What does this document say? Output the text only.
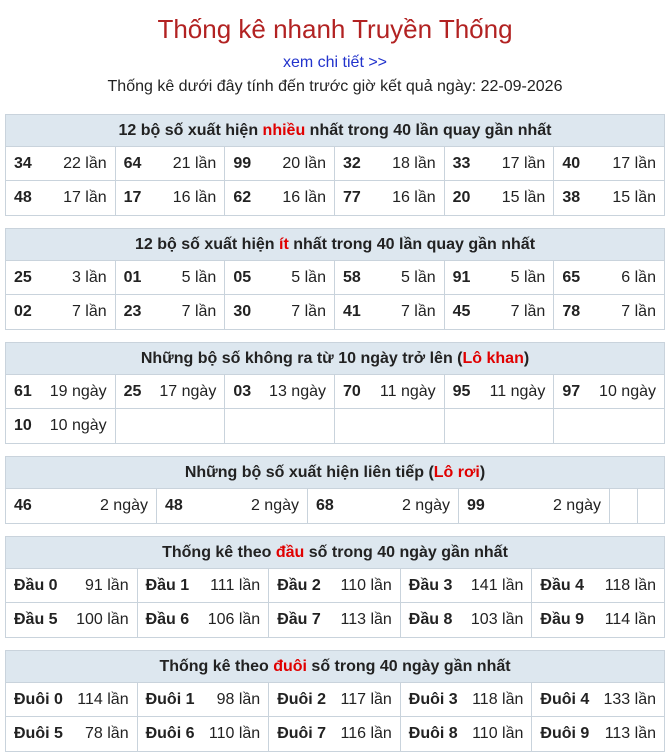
Thống kê nhanh Truyền Thống
xem chi tiết >>
Thống kê dưới đây tính đến trước giờ kết quả ngày: 22-09-2026
12 bộ số xuất hiện nhiều nhất trong 40 lần quay gần nhất
34 22 lần 64 21 lần 99 20 lần 32 18 lần 33 17 lần 40 17 lần
48 17 lần 17 16 lần 62 16 lần 77 16 lần 20 15 lần 38 15 lần
12 bộ số xuất hiện ít nhất trong 40 lần quay gần nhất
25	3 lần 01	5 lần 05	5 lần 58	5 lần 91	5 lần 65	6 lần
02	7 lần 23	7 lần 30	7 lần 41	7 lần 45	7 lần 78	7 lần
Những bộ số không ra từ 10 ngày trở lên (Lô khan)
61 19 ngày 25 17 ngày 03 13 ngày 70 11 ngày 95 11 ngày 97 10 ngày
10 10 ngày
Những bộ số xuất hiện liên tiếp (Lô rơi)
46	2 ngày 48	2 ngày 68	2 ngày 99	2 ngày
Thống kê theo đầu số trong 40 ngày gần nhất
Đầu 0 91 lần Đầu 1 111 lần Đầu 2 110 lần Đầu 3 141 lần Đầu 4 118 lần
Đầu 5 100 lần Đầu 6 106 lần Đầu 7 113 lần Đầu 8 103 lần Đầu 9 114 lần
Thống kê theo đuôi số trong 40 ngày gần nhất
Đuôi 0 114 lần Đuôi 1 98 lần Đuôi 2 117 lần Đuôi 3 118 lần Đuôi 4 133 lần
Đuôi 5 78 lần Đuôi 6 110 lần Đuôi 7 116 lần Đuôi 8 110 lần Đuôi 9 113 lần
